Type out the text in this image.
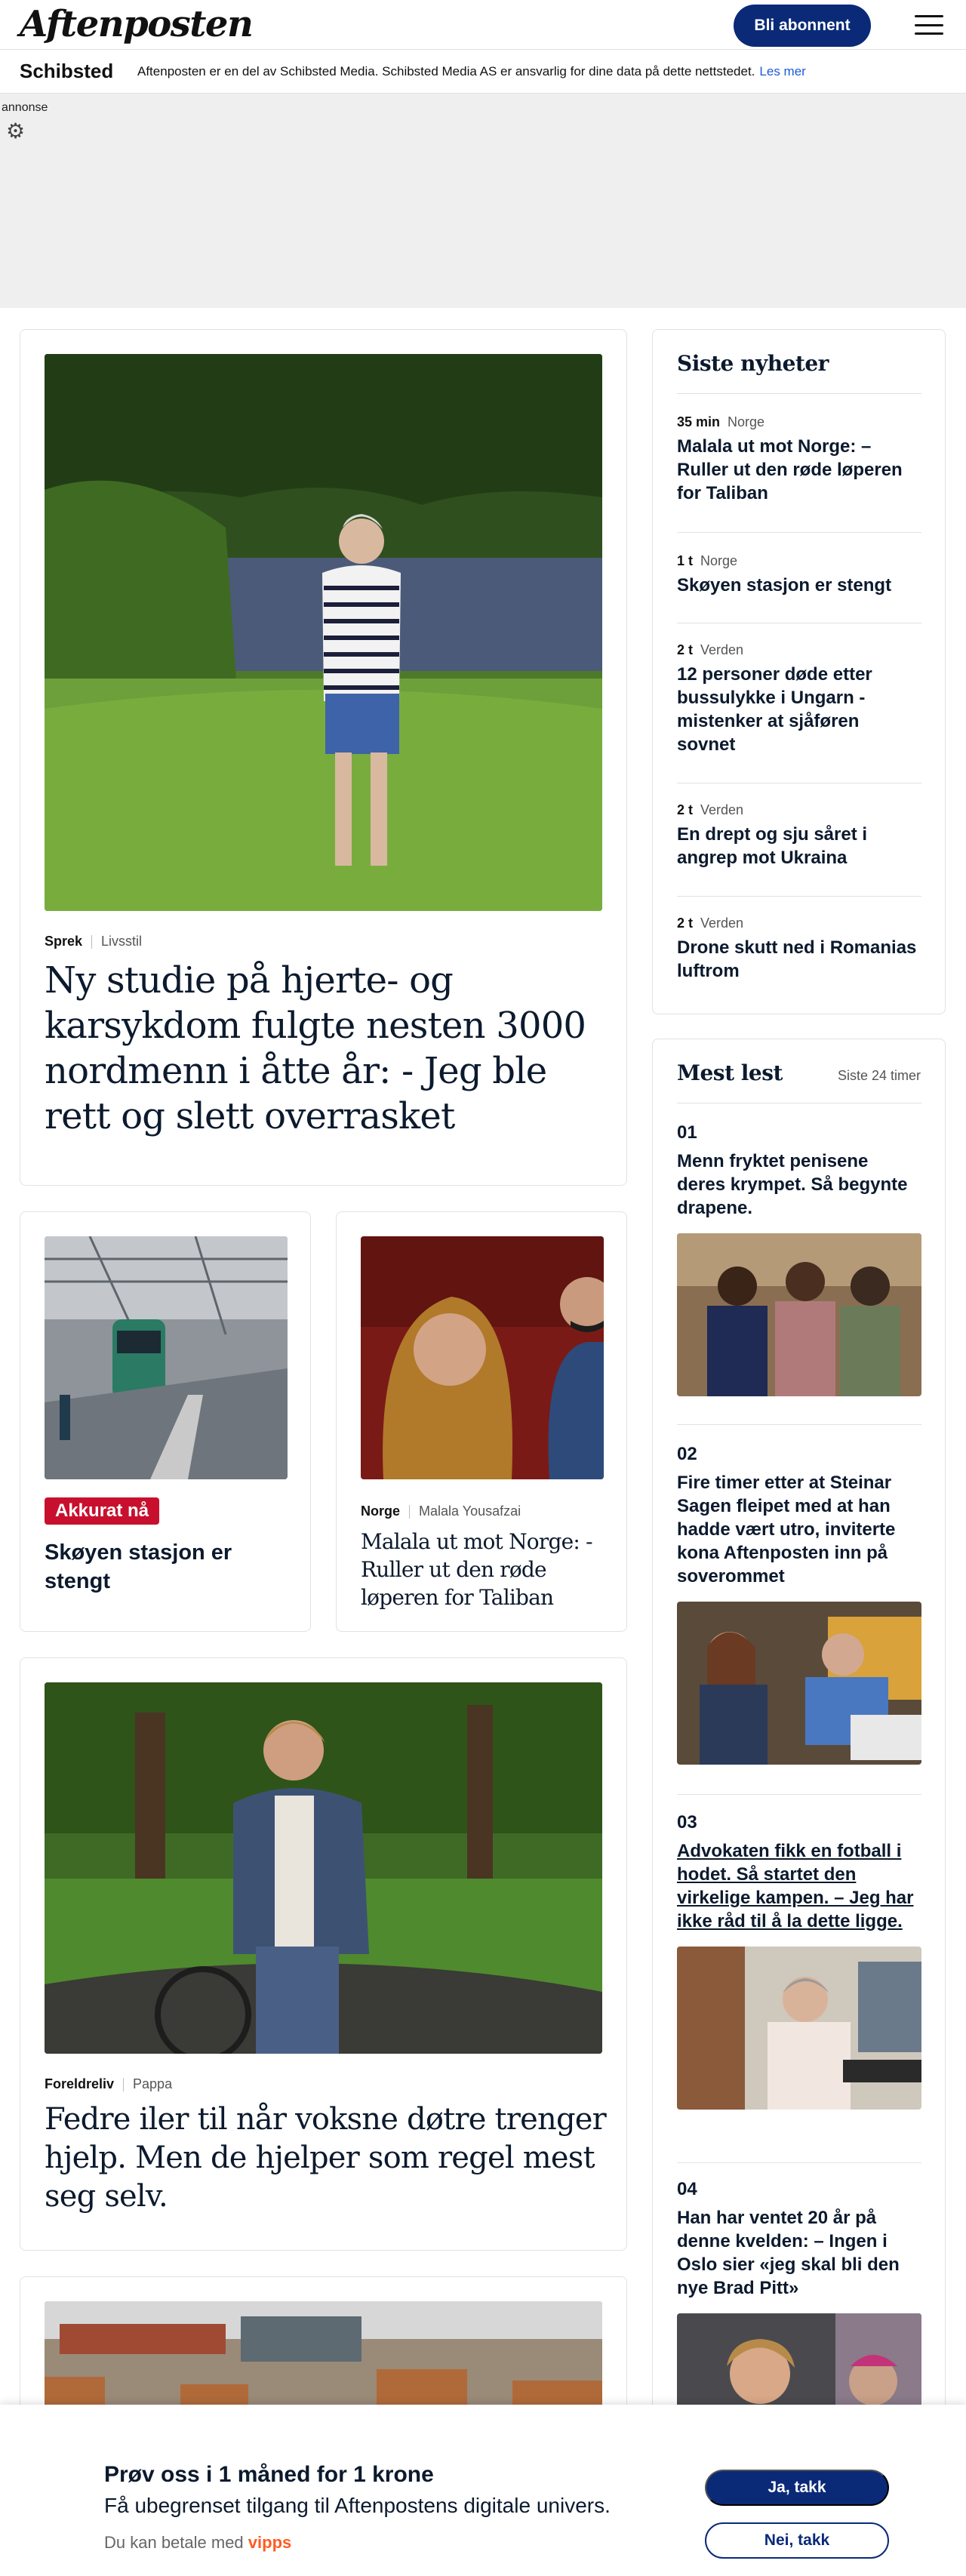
Aftenposten	Bli abonnent
Schibsted	Aftenposten er en del av Schibsted Media. Schibsted Media AS er ansvarlig for dine data på dette nettstedet. Les mer
annonse
⚙
Sprek Livsstil
Ny studie på hjerte- og karsykdom fulgte nesten 3000 nordmenn i åtte år: - Jeg ble rett og slett overrasket
Akkurat nå
Skøyen stasjon er stengt
Norge Malala Yousafzai
Malala ut mot Norge: - Ruller ut den røde løperen for Taliban
Foreldreliv Pappa
Fedre iler til når voksne døtre trenger hjelp. Men de hjelper som regel mest seg selv.
Siste nyheter
35 min Norge
Malala ut mot Norge: – Ruller ut den røde løperen for Taliban
1 t Norge
Skøyen stasjon er stengt
2 t Verden
12 personer døde etter bussulykke i Ungarn - mistenker at sjåføren sovnet
2 t Verden
En drept og sju såret i angrep mot Ukraina
2 t Verden
Drone skutt ned i Romanias luftrom
Mest lest	Siste 24 timer
01
Menn fryktet penisene deres krympet. Så begynte drapene.
02
Fire timer etter at Steinar Sagen fleipet med at han hadde vært utro, inviterte kona Aftenposten inn på soverommet
03
Advokaten fikk en fotball i hodet. Så startet den virkelige kampen. – Jeg har ikke råd til å la dette ligge.
04
Han har ventet 20 år på denne kvelden: – Ingen i Oslo sier «jeg skal bli den nye Brad Pitt»
Prøv oss i 1 måned for 1 krone
Få ubegrenset tilgang til Aftenpostens digitale univers.
Du kan betale med vipps
Ja, takk
Nei, takk
